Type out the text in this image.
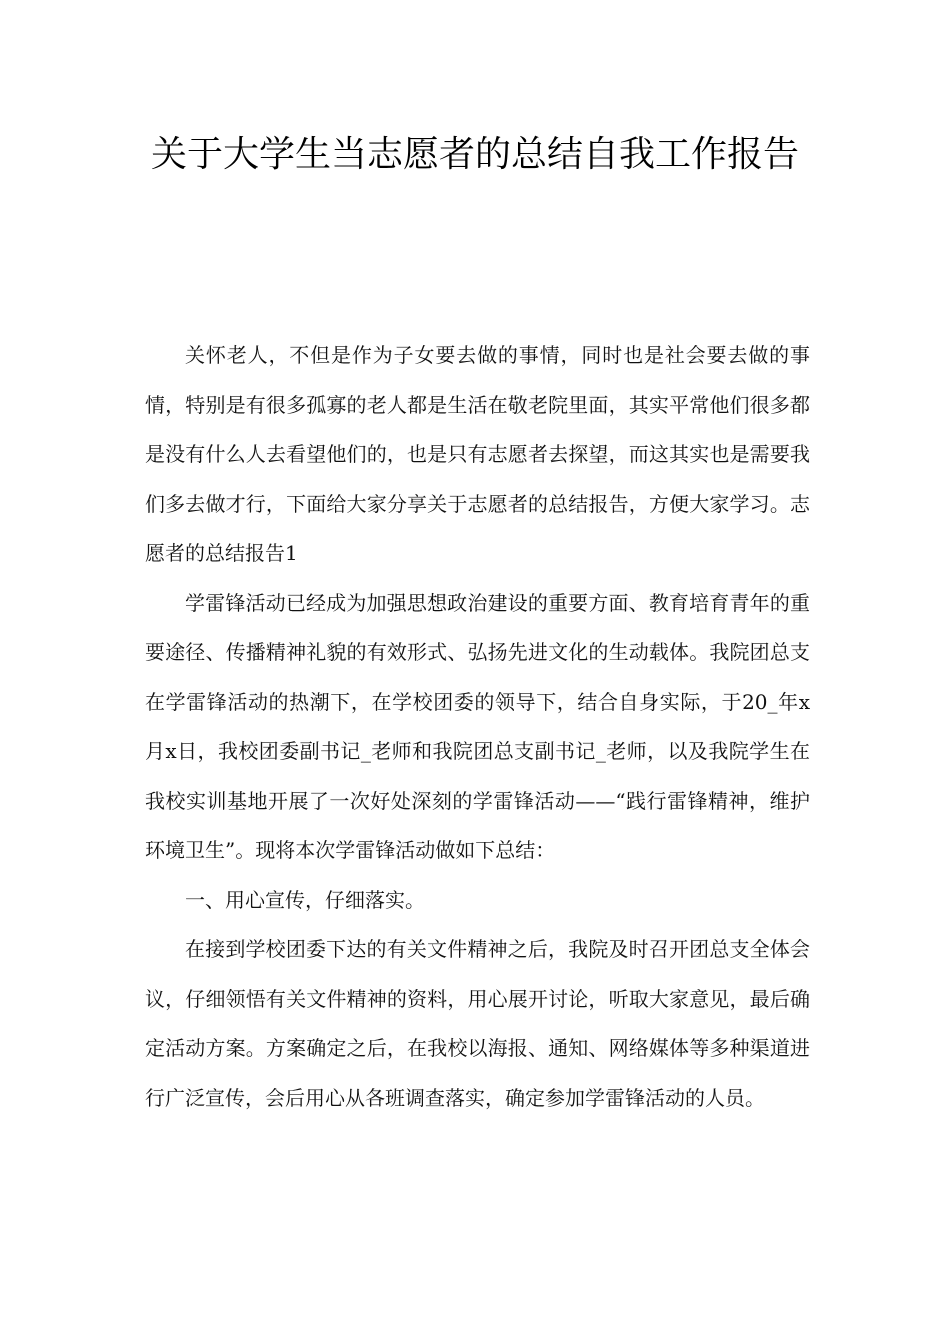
关于大学生当志愿者的总结自我工作报告

关怀老人，不但是作为子女要去做的事情，同时也是社会要去做的事情，特别是有很多孤寡的老人都是生活在敬老院里面，其实平常他们很多都是没有什么人去看望他们的，也是只有志愿者去探望，而这其实也是需要我们多去做才行，下面给大家分享关于志愿者的总结报告，方便大家学习。志愿者的总结报告1

学雷锋活动已经成为加强思想政治建设的重要方面、教育培育青年的重要途径、传播精神礼貌的有效形式、弘扬先进文化的生动载体。我院团总支在学雷锋活动的热潮下，在学校团委的领导下，结合自身实际，于20_年x月x日，我校团委副书记_老师和我院团总支副书记_老师，以及我院学生在我校实训基地开展了一次好处深刻的学雷锋活动——“践行雷锋精神，维护环境卫生”。现将本次学雷锋活动做如下总结：

一、用心宣传，仔细落实。

在接到学校团委下达的有关文件精神之后，我院及时召开团总支全体会议，仔细领悟有关文件精神的资料，用心展开讨论，听取大家意见，最后确定活动方案。方案确定之后，在我校以海报、通知、网络媒体等多种渠道进行广泛宣传，会后用心从各班调查落实，确定参加学雷锋活动的人员。
